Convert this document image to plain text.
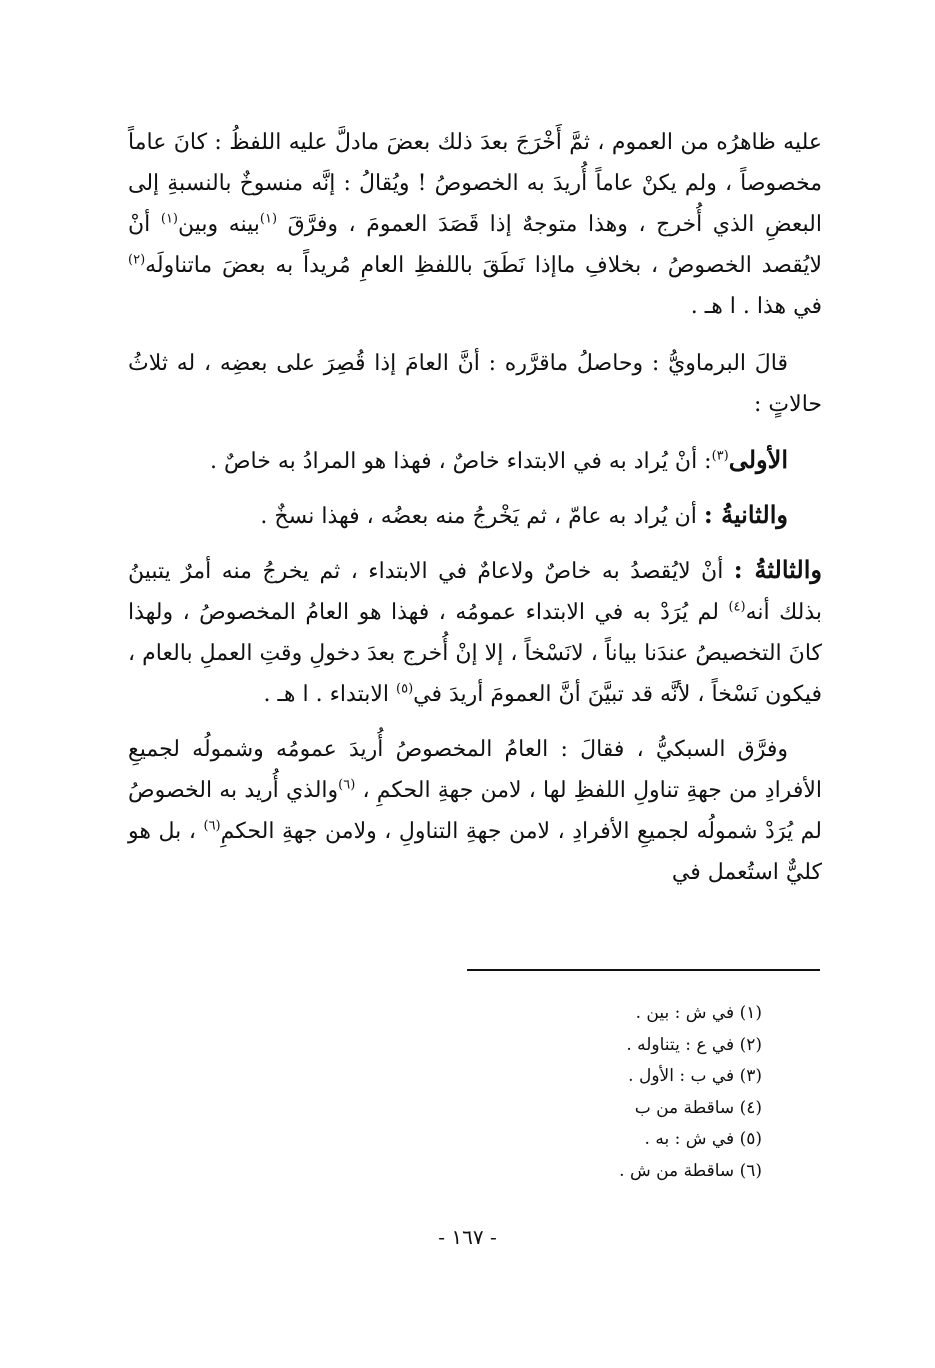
عليه ظاهرُه من العموم ، ثمَّ أَخْرَجَ بعدَ ذلك بعضَ مادلَّ عليه اللفظُ : كانَ عاماً مخصوصاً ، ولم يكنْ عاماً أُريدَ به الخصوصُ ! ويُقالُ : إنَّه منسوخٌ بالنسبةِ إلى البعضِ الذي أُخرج ، وهذا متوجهٌ إذا قَصَدَ العمومَ ، وفرَّقَ $^{(١)}$بينه وبين$^{(١)}$ أنْ لايُقصد الخصوصُ ، بخلافِ ماإذا نَطَقَ باللفظِ العامِ مُريداً به بعضَ ماتناولَه$^{(٢)}$ في هذا . ا هـ .

قالَ البرماويُّ : وحاصلُ ماقرَّره : أنَّ العامَ إذا قُصِرَ على بعضِه ، له ثلاثُ حالاتٍ :

الأولى$^{(٣)}$: أنْ يُراد به في الابتداء خاصٌ ، فهذا هو المرادُ به خاصٌ .

والثانيةُ : أن يُراد به عامّ ، ثم يَخْرجُ منه بعضُه ، فهذا نسخٌ .

والثالثةُ : أنْ لايُقصدُ به خاصٌ ولاعامٌ في الابتداء ، ثم يخرجُ منه أمرٌ يتبينُ بذلك أنه$^{(٤)}$ لم يُرَدْ به في الابتداء عمومُه ، فهذا هو العامُ المخصوصُ ، ولهذا كانَ التخصيصُ عندَنا بياناً ، لانَسْخاً ، إلا إنْ أُخرج بعدَ دخولِ وقتِ العملِ بالعام ، فيكون نَسْخاً ، لأنَّه قد تبيَّنَ أنَّ العمومَ أريدَ في$^{(٥)}$ الابتداء . ا هـ .

وفرَّق السبكيُّ ، فقالَ : العامُ المخصوصُ أُريدَ عمومُه وشمولُه لجميعِ الأفرادِ من جهةِ تناولِ اللفظِ لها ، لامن جهةِ الحكمِ ، $^{(٦)}$والذي أُريد به الخصوصُ لم يُرَدْ شمولُه لجميعِ الأفرادِ ، لامن جهةِ التناولِ ، ولامن جهةِ الحكمِ$^{(٦)}$ ، بل هو كليٌّ استُعمل في

(١) في ش : بين .
(٢) في ع : يتناوله .
(٣) في ب : الأول .
(٤) ساقطة من ب
(٥) في ش : به .
(٦) ساقطة من ش .
- ١٦٧ -
